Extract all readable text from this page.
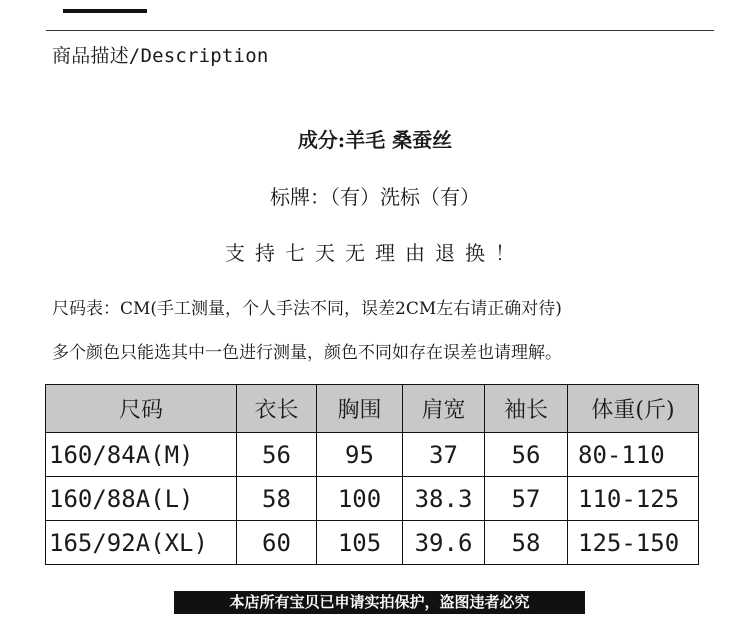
商品描述/Description
成分:羊毛 桑蚕丝
标牌：（有）洗标（有）
支持七天无理由退换！
尺码表：CM(手工测量，个人手法不同，误差2CM左右请正确对待)
多个颜色只能选其中一色进行测量，颜色不同如存在误差也请理解。
尺码	衣长	胸围	肩宽	袖长	体重(斤)
160/84A(M)	56	95	37	56	80-110
160/88A(L)	58	100	38.3	57	110-125
165/92A(XL)	60	105	39.6	58	125-150
本店所有宝贝已申请实拍保护，盗图违者必究
